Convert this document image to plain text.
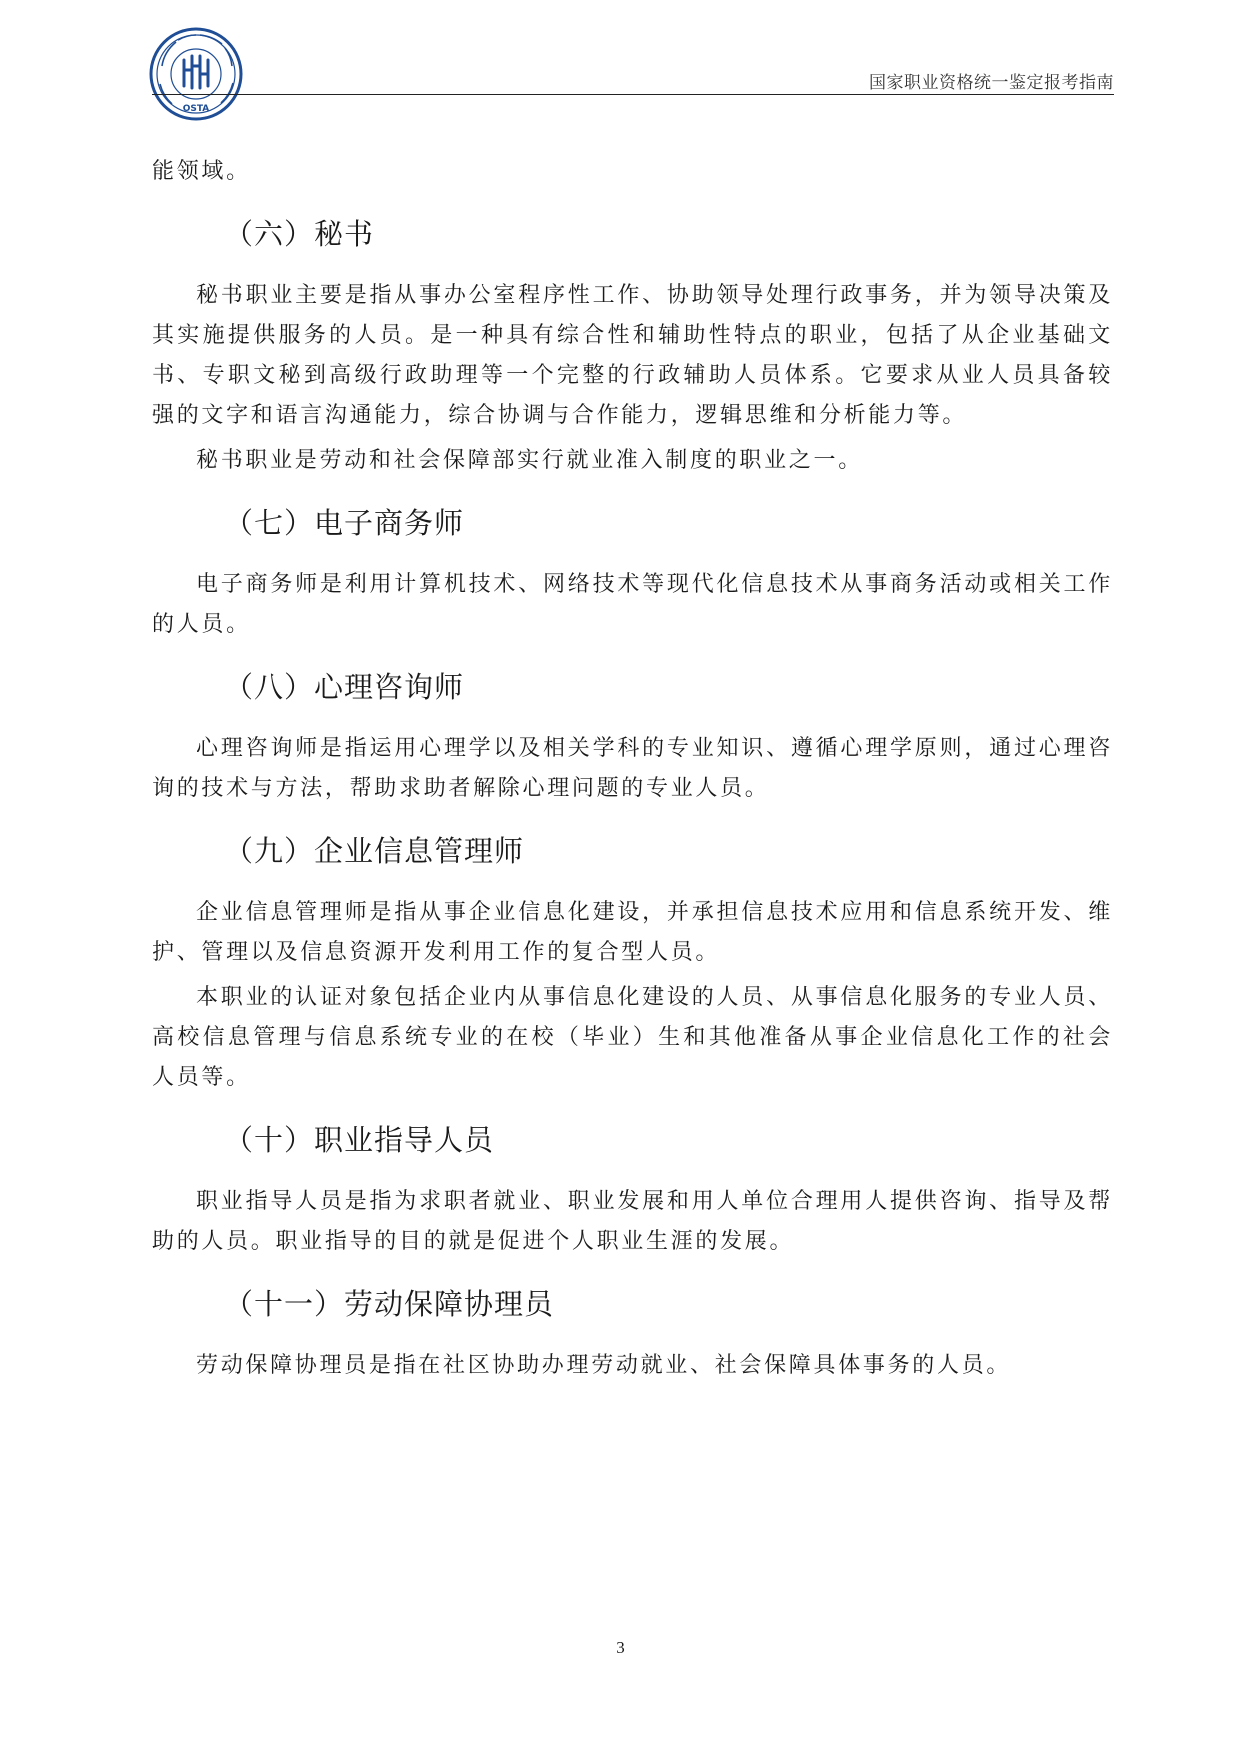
OSTA
国家职业资格统一鉴定报考指南

能领域。

（六）秘书

秘书职业主要是指从事办公室程序性工作、协助领导处理行政事务，并为领导决策及其实施提供服务的人员。是一种具有综合性和辅助性特点的职业，包括了从企业基础文书、专职文秘到高级行政助理等一个完整的行政辅助人员体系。它要求从业人员具备较强的文字和语言沟通能力，综合协调与合作能力，逻辑思维和分析能力等。

秘书职业是劳动和社会保障部实行就业准入制度的职业之一。

（七）电子商务师

电子商务师是利用计算机技术、网络技术等现代化信息技术从事商务活动或相关工作的人员。

（八）心理咨询师

心理咨询师是指运用心理学以及相关学科的专业知识、遵循心理学原则，通过心理咨询的技术与方法，帮助求助者解除心理问题的专业人员。

（九）企业信息管理师

企业信息管理师是指从事企业信息化建设，并承担信息技术应用和信息系统开发、维护、管理以及信息资源开发利用工作的复合型人员。

本职业的认证对象包括企业内从事信息化建设的人员、从事信息化服务的专业人员、高校信息管理与信息系统专业的在校（毕业）生和其他准备从事企业信息化工作的社会人员等。

（十）职业指导人员

职业指导人员是指为求职者就业、职业发展和用人单位合理用人提供咨询、指导及帮助的人员。职业指导的目的就是促进个人职业生涯的发展。

（十一）劳动保障协理员

劳动保障协理员是指在社区协助办理劳动就业、社会保障具体事务的人员。

3
